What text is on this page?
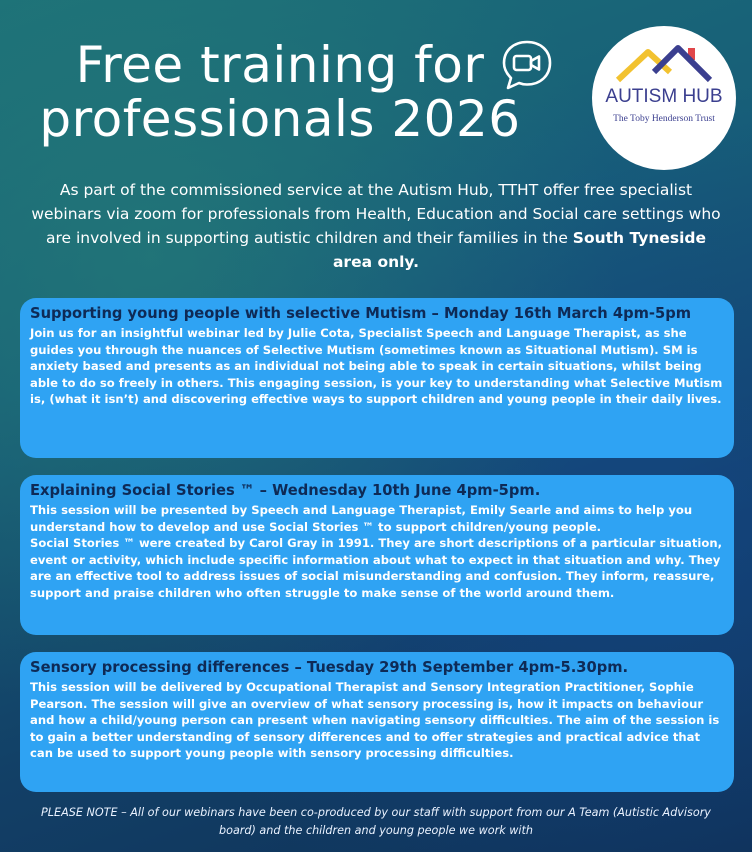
Free training for
professionals 2026	AUTISM HUB
The Toby Henderson Trust
As part of the commissioned service at the Autism Hub, TTHT offer free specialist webinars via zoom for professionals from Health, Education and Social care settings who are involved in supporting autistic children and their families in the South Tyneside area only.
Supporting young people with selective Mutism – Monday 16th March 4pm-5pm

Join us for an insightful webinar led by Julie Cota, Specialist Speech and Language Therapist, as she guides you through the nuances of Selective Mutism (sometimes known as Situational Mutism). SM is anxiety based and presents as an individual not being able to speak in certain situations, whilst being able to do so freely in others. This engaging session, is your key to understanding what Selective Mutism is, (what it isn’t) and discovering effective ways to support children and young people in their daily lives.

Explaining Social Stories ™ – Wednesday 10th June 4pm-5pm.

This session will be presented by Speech and Language Therapist, Emily Searle and aims to help you understand how to develop and use Social Stories ™ to support children/young people.

Social Stories ™ were created by Carol Gray in 1991. They are short descriptions of a particular situation, event or activity, which include specific information about what to expect in that situation and why. They are an effective tool to address issues of social misunderstanding and confusion. They inform, reassure, support and praise children who often struggle to make sense of the world around them.

Sensory processing differences – Tuesday 29th September 4pm-5.30pm.

This session will be delivered by Occupational Therapist and Sensory Integration Practitioner, Sophie Pearson. The session will give an overview of what sensory processing is, how it impacts on behaviour and how a child/young person can present when navigating sensory difficulties. The aim of the session is to gain a better understanding of sensory differences and to offer strategies and practical advice that can be used to support young people with sensory processing difficulties.

PLEASE NOTE – All of our webinars have been co-produced by our staff with support from our A Team (Autistic Advisory board) and the children and young people we work with
